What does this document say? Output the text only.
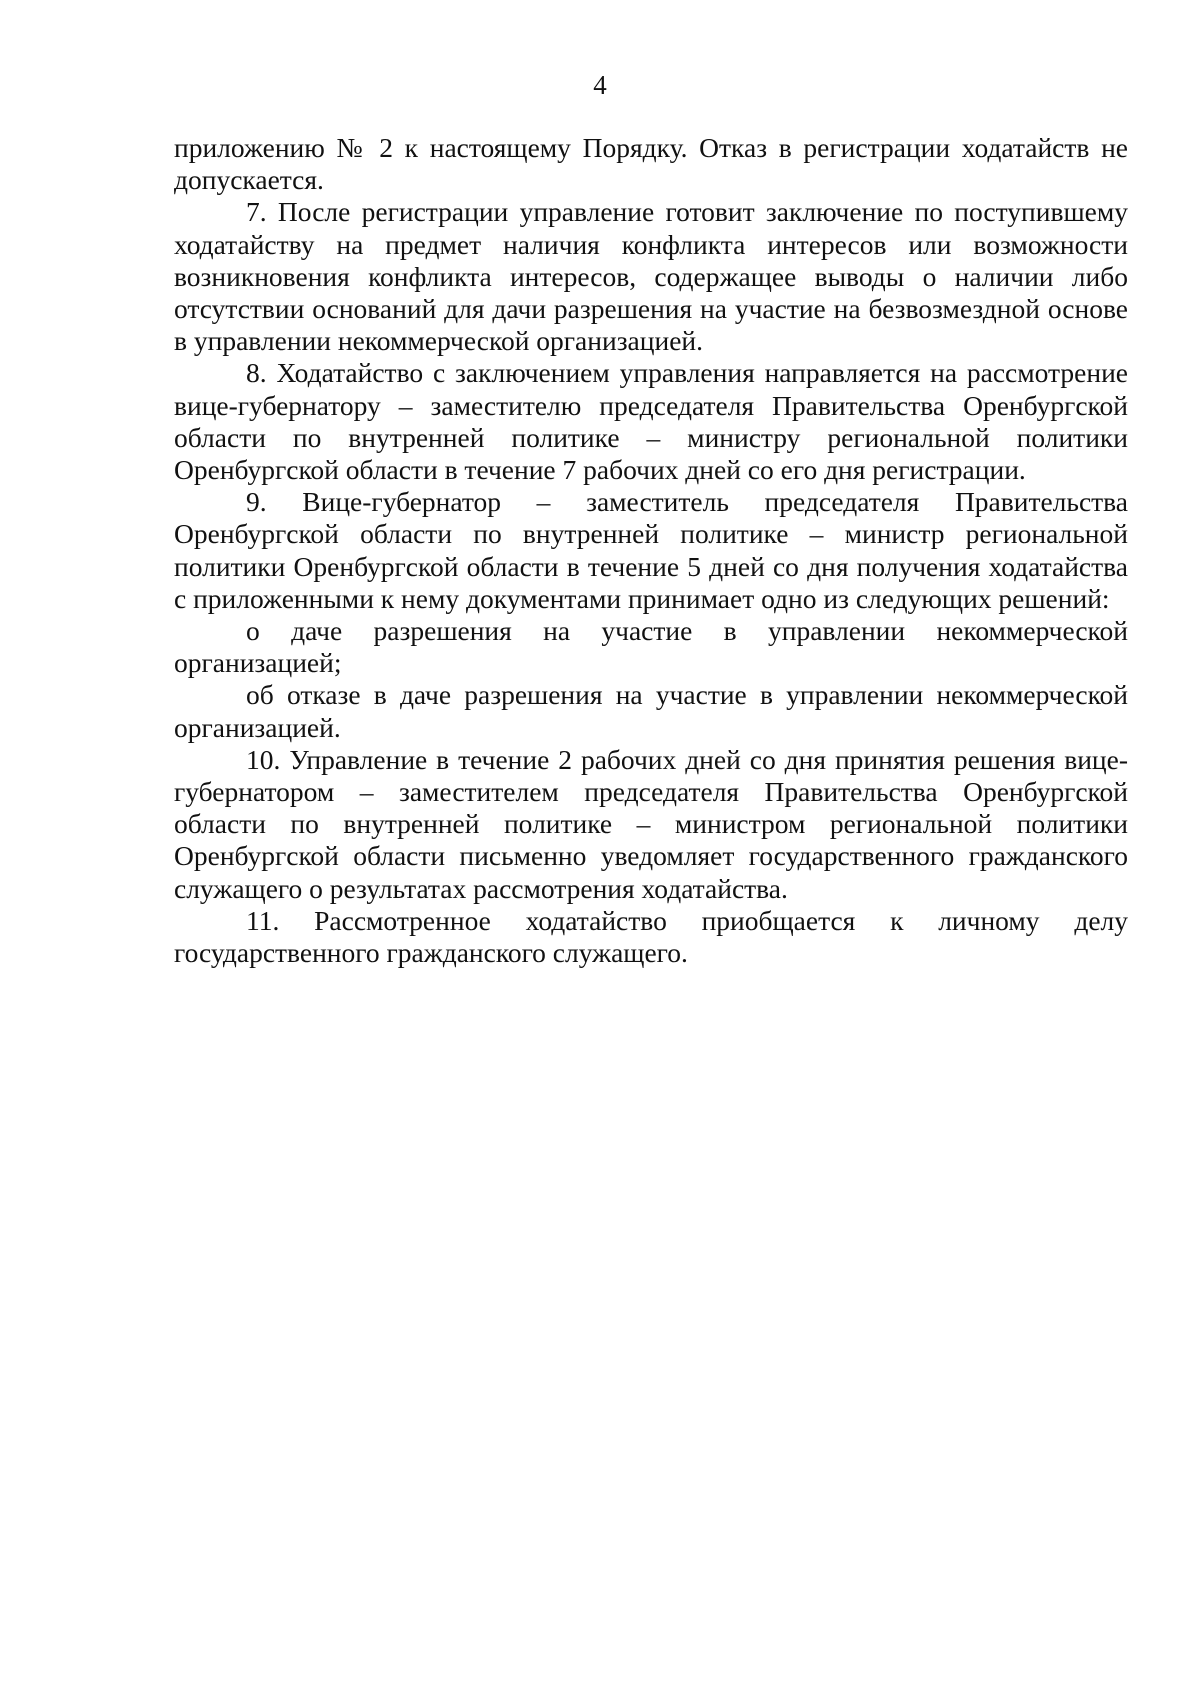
4

приложению № 2 к настоящему Порядку. Отказ в регистрации ходатайств не допускается.

7. После регистрации управление готовит заключение по поступившему ходатайству на предмет наличия конфликта интересов или возможности возникновения конфликта интересов, содержащее выводы о наличии либо отсутствии оснований для дачи разрешения на участие на безвозмездной основе в управлении некоммерческой организацией.

8. Ходатайство с заключением управления направляется на рассмотрение вице-губернатору – заместителю председателя Правительства Оренбургской области по внутренней политике – министру региональной политики Оренбургской области в течение 7 рабочих дней со его дня регистрации.

9. Вице-губернатор – заместитель председателя Правительства Оренбургской области по внутренней политике – министр региональной политики Оренбургской области в течение 5 дней со дня получения ходатайства с приложенными к нему документами принимает одно из следующих решений:

о даче разрешения на участие в управлении некоммерческой организацией;

об отказе в даче разрешения на участие в управлении некоммерческой организацией.

10. Управление в течение 2 рабочих дней со дня принятия решения вице-губернатором – заместителем председателя Правительства Оренбургской области по внутренней политике – министром региональной политики Оренбургской области письменно уведомляет государственного гражданского служащего о результатах рассмотрения ходатайства.

11. Рассмотренное ходатайство приобщается к личному делу государственного гражданского служащего.
